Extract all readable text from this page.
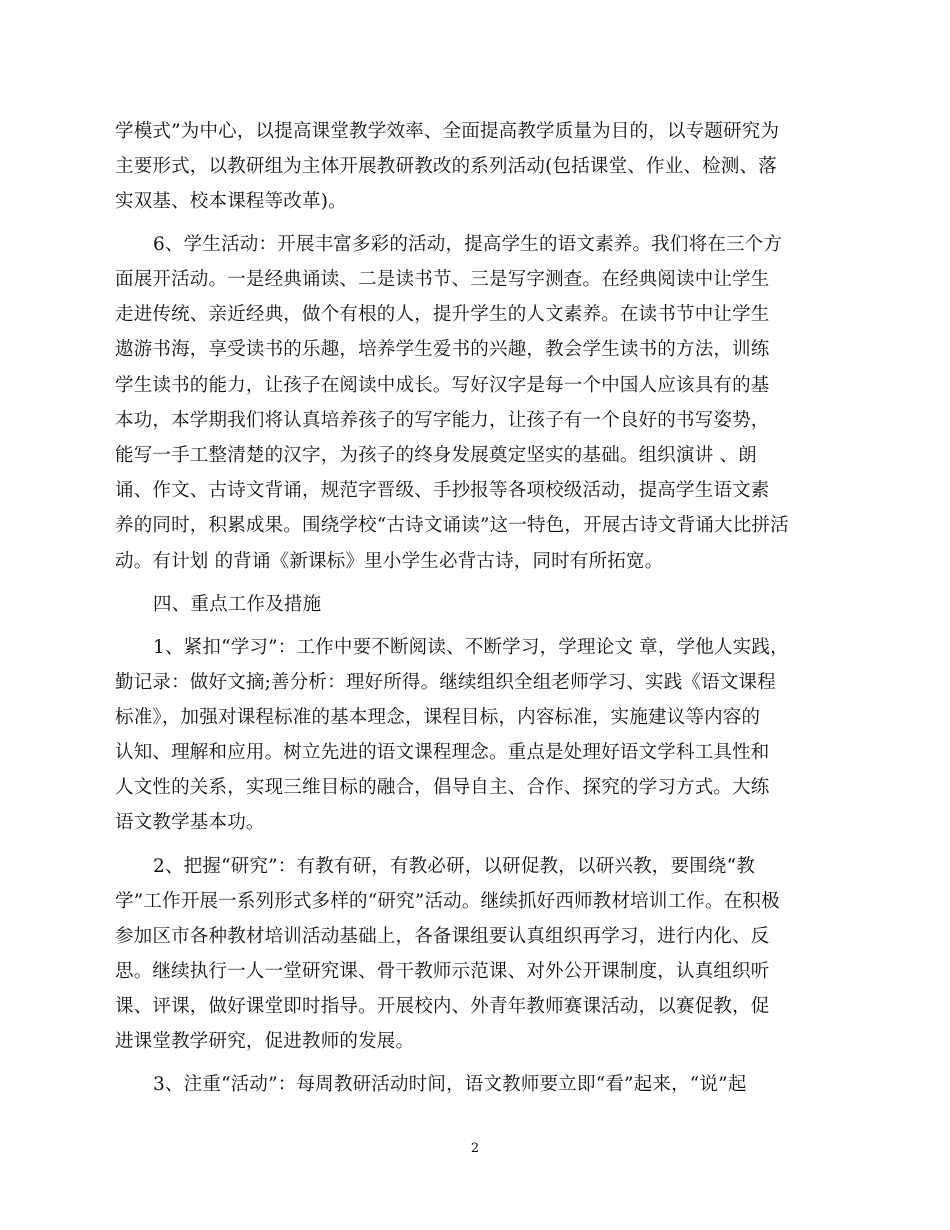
学模式”为中心，以提高课堂教学效率、全面提高教学质量为目的，以专题研究为
主要形式，以教研组为主体开展教研教改的系列活动(包括课堂、作业、检测、落
实双基、校本课程等改革)。
6、学生活动：开展丰富多彩的活动，提高学生的语文素养。我们将在三个方
面展开活动。一是经典诵读、二是读书节、三是写字测查。在经典阅读中让学生
走进传统、亲近经典，做个有根的人，提升学生的人文素养。在读书节中让学生
遨游书海，享受读书的乐趣，培养学生爱书的兴趣，教会学生读书的方法，训练
学生读书的能力，让孩子在阅读中成长。写好汉字是每一个中国人应该具有的基
本功，本学期我们将认真培养孩子的写字能力，让孩子有一个良好的书写姿势，
能写一手工整清楚的汉字，为孩子的终身发展奠定坚实的基础。组织演讲 、朗
诵、作文、古诗文背诵，规范字晋级、手抄报等各项校级活动，提高学生语文素
养的同时，积累成果。围绕学校“古诗文诵读”这一特色，开展古诗文背诵大比拼活
动。有计划 的背诵《新课标》里小学生必背古诗，同时有所拓宽。
四、重点工作及措施
1、紧扣“学习”：工作中要不断阅读、不断学习，学理论文 章，学他人实践，
勤记录：做好文摘;善分析：理好所得。继续组织全组老师学习、实践《语文课程
标准》，加强对课程标准的基本理念，课程目标，内容标准，实施建议等内容的
认知、理解和应用。树立先进的语文课程理念。重点是处理好语文学科工具性和
人文性的关系，实现三维目标的融合，倡导自主、合作、探究的学习方式。大练
语文教学基本功。
2、把握“研究”：有教有研，有教必研，以研促教，以研兴教，要围绕“教
学”工作开展一系列形式多样的“研究”活动。继续抓好西师教材培训工作。在积极
参加区市各种教材培训活动基础上，各备课组要认真组织再学习，进行内化、反
思。继续执行一人一堂研究课、骨干教师示范课、对外公开课制度，认真组织听
课、评课，做好课堂即时指导。开展校内、外青年教师赛课活动，以赛促教，促
进课堂教学研究，促进教师的发展。
3、注重“活动”：每周教研活动时间，语文教师要立即“看”起来，“说”起
2
